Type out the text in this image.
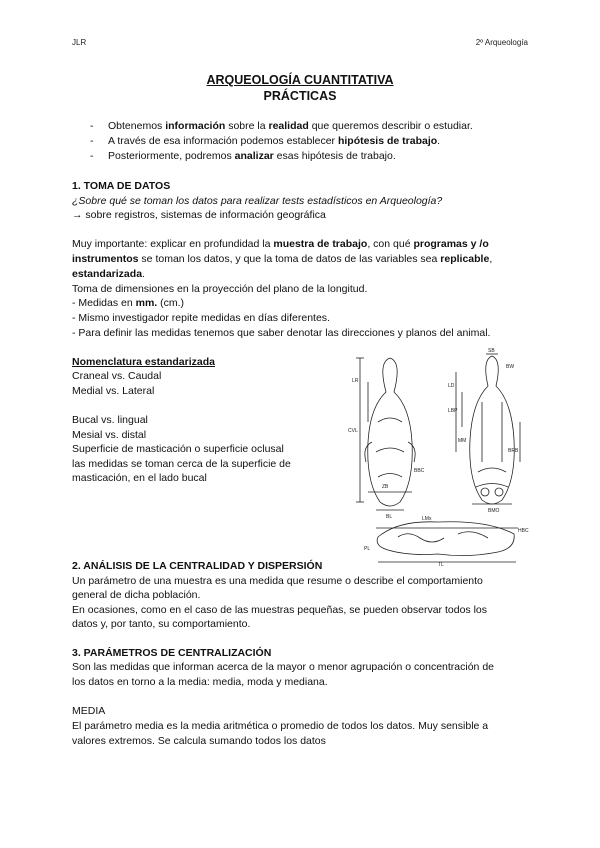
JLR	2º Arqueología
ARQUEOLOGÍA CUANTITATIVA
PRÁCTICAS
- Obtenemos información sobre la realidad que queremos describir o estudiar.
- A través de esa información podemos establecer hipótesis de trabajo.
- Posteriormente, podremos analizar esas hipótesis de trabajo.
1. TOMA DE DATOS
¿Sobre qué se toman los datos para realizar tests estadísticos en Arqueología?
→ sobre registros, sistemas de información geográfica
Muy importante: explicar en profundidad la muestra de trabajo, con qué programas y /o
instrumentos se toman los datos, y que la toma de datos de las variables sea replicable,
estandarizada.
Toma de dimensiones en la proyección del plano de la longitud.
- Medidas en mm. (cm.)
- Mismo investigador repite medidas en días diferentes.
- Para definir las medidas tenemos que saber denotar las direcciones y planos del animal.
Nomenclatura estandarizada
Craneal vs. Caudal
Medial vs. Lateral
Bucal vs. lingual
Mesial vs. distal
Superficie de masticación o superficie oclusal
las medidas se toman cerca de la superficie de
masticación, en el lado bucal
SB
BW
LR
LD
LBP
CVL
MM
BBC
ZB
BRB
BL
HBC
PL
BMO
TL
LMx
2. ANÁLISIS DE LA CENTRALIDAD Y DISPERSIÓN
Un parámetro de una muestra es una medida que resume o describe el comportamiento
general de dicha población.
En ocasiones, como en el caso de las muestras pequeñas, se pueden observar todos los
datos y, por tanto, su comportamiento.
3. PARÁMETROS DE CENTRALIZACIÓN
Son las medidas que informan acerca de la mayor o menor agrupación o concentración de
los datos en torno a la media: media, moda y mediana.
MEDIA
El parámetro media es la media aritmética o promedio de todos los datos. Muy sensible a
valores extremos. Se calcula sumando todos los datos
